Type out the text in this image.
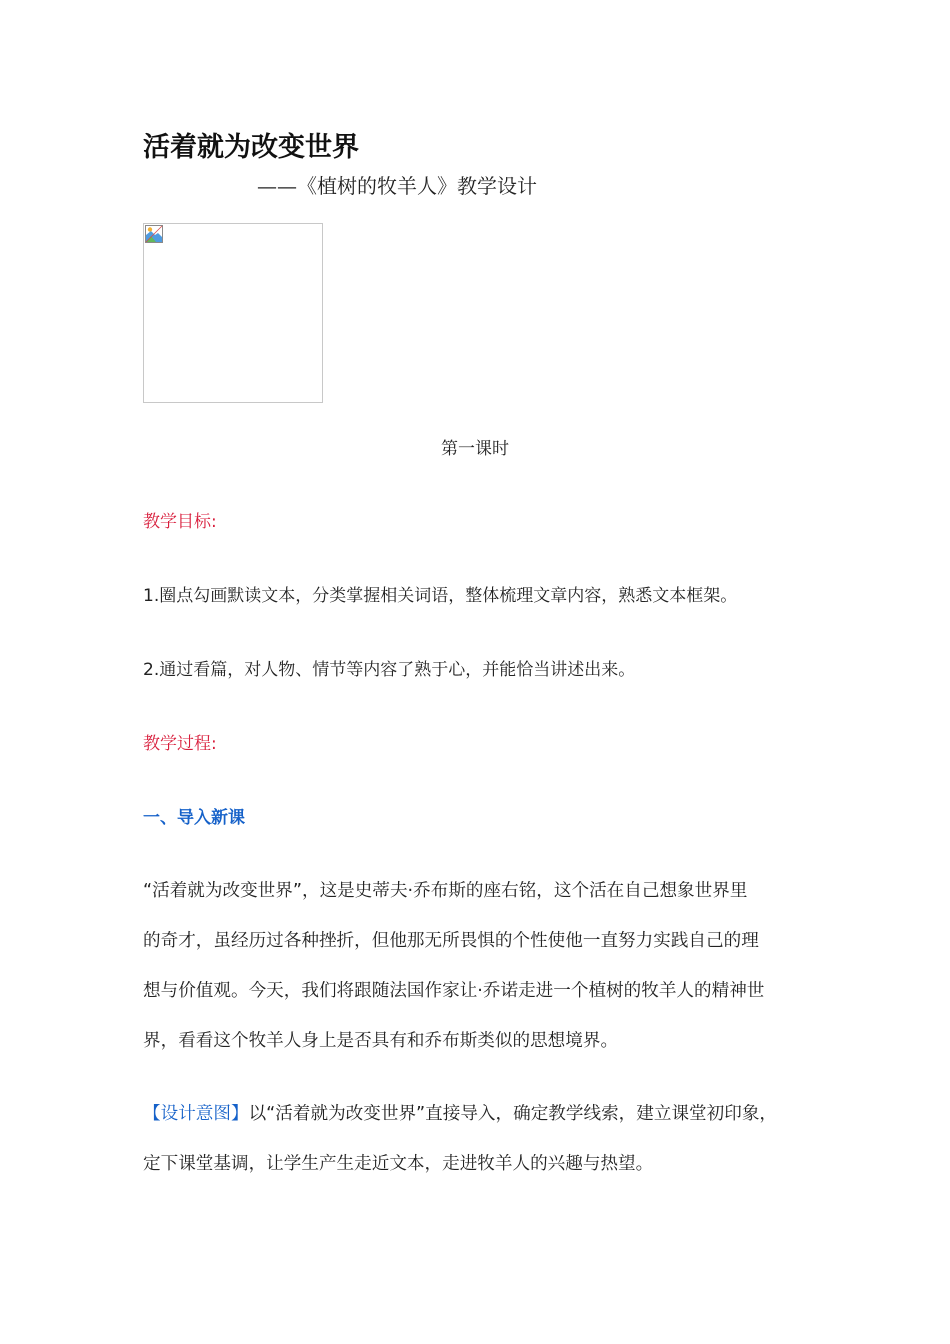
活着就为改变世界
——《植树的牧羊人》教学设计
第一课时
教学目标:
1.圈点勾画默读文本，分类掌握相关词语，整体梳理文章内容，熟悉文本框架。
2.通过看篇，对人物、情节等内容了熟于心，并能恰当讲述出来。
教学过程:
一、导入新课
“活着就为改变世界”，这是史蒂夫·乔布斯的座右铭，这个活在自己想象世界里
的奇才，虽经历过各种挫折，但他那无所畏惧的个性使他一直努力实践自己的理
想与价值观。今天，我们将跟随法国作家让·乔诺走进一个植树的牧羊人的精神世
界，看看这个牧羊人身上是否具有和乔布斯类似的思想境界。
【设计意图】以“活着就为改变世界”直接导入，确定教学线索，建立课堂初印象，
定下课堂基调，让学生产生走近文本，走进牧羊人的兴趣与热望。
